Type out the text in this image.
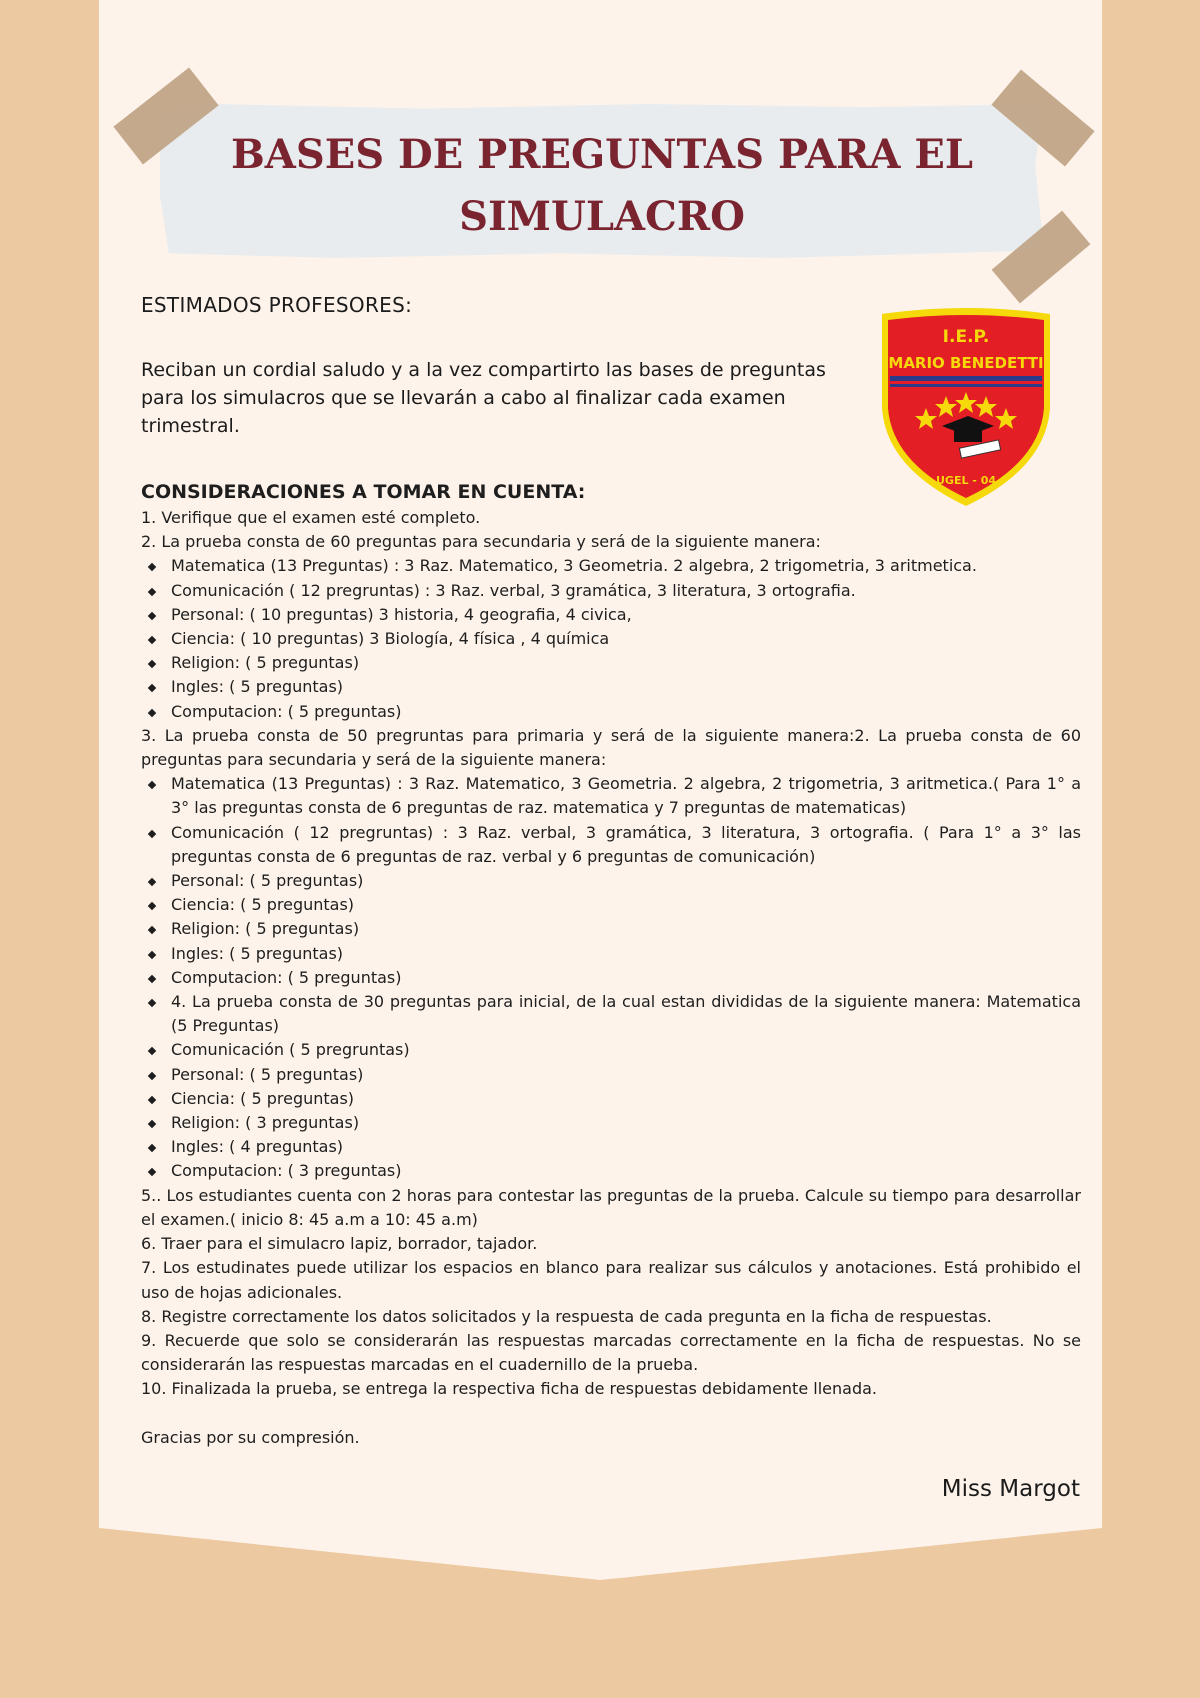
BASES DE PREGUNTAS PARA EL
SIMULACRO
I.E.P.
MARIO BENEDETTI
UGEL - 04

ESTIMADOS PROFESORES:

Reciban un cordial saludo y a la vez compartirto las bases de preguntas para los simulacros que se llevarán a cabo al finalizar cada examen trimestral.

CONSIDERACIONES A TOMAR EN CUENTA:

1. Verifique que el examen esté completo.

2. La prueba consta de 60 preguntas para secundaria y será de la siguiente manera:

Matematica (13 Preguntas) : 3 Raz. Matematico, 3 Geometria. 2 algebra, 2 trigometria, 3 aritmetica.
Comunicación ( 12 pregruntas) : 3 Raz. verbal, 3 gramática, 3 literatura, 3 ortografia.
Personal: ( 10 preguntas) 3 historia, 4 geografia, 4 civica,
Ciencia: ( 10 preguntas) 3 Biología, 4 física , 4 química
Religion: ( 5 preguntas)
Ingles: ( 5 preguntas)
Computacion: ( 5 preguntas)

3. La prueba consta de 50 pregruntas para primaria y será de la siguiente manera:2. La prueba consta de 60 preguntas para secundaria y será de la siguiente manera:

Matematica (13 Preguntas) : 3 Raz. Matematico, 3 Geometria. 2 algebra, 2 trigometria, 3 aritmetica.( Para 1° a 3° las preguntas consta de 6 preguntas de raz. matematica y 7 preguntas de matematicas)
Comunicación ( 12 pregruntas) : 3 Raz. verbal, 3 gramática, 3 literatura, 3 ortografia. ( Para 1° a 3° las preguntas consta de 6 preguntas de raz. verbal y 6 preguntas de comunicación)
Personal: ( 5 preguntas)
Ciencia: ( 5 preguntas)
Religion: ( 5 preguntas)
Ingles: ( 5 preguntas)
Computacion: ( 5 preguntas)
4. La prueba consta de 30 preguntas para inicial, de la cual estan divididas de la siguiente manera: Matematica (5 Preguntas)
Comunicación ( 5 pregruntas)
Personal: ( 5 preguntas)
Ciencia: ( 5 preguntas)
Religion: ( 3 preguntas)
Ingles: ( 4 preguntas)
Computacion: ( 3 preguntas)

5.. Los estudiantes cuenta con 2 horas para contestar las preguntas de la prueba. Calcule su tiempo para desarrollar el examen.( inicio 8: 45 a.m a 10: 45 a.m)

6. Traer para el simulacro lapiz, borrador, tajador.

7. Los estudinates puede utilizar los espacios en blanco para realizar sus cálculos y anotaciones. Está prohibido el uso de hojas adicionales.

8. Registre correctamente los datos solicitados y la respuesta de cada pregunta en la ficha de respuestas.

9. Recuerde que solo se considerarán las respuestas marcadas correctamente en la ficha de respuestas. No se considerarán las respuestas marcadas en el cuadernillo de la prueba.

10. Finalizada la prueba, se entrega la respectiva ficha de respuestas debidamente llenada.

Gracias por su compresión.

Miss Margot
